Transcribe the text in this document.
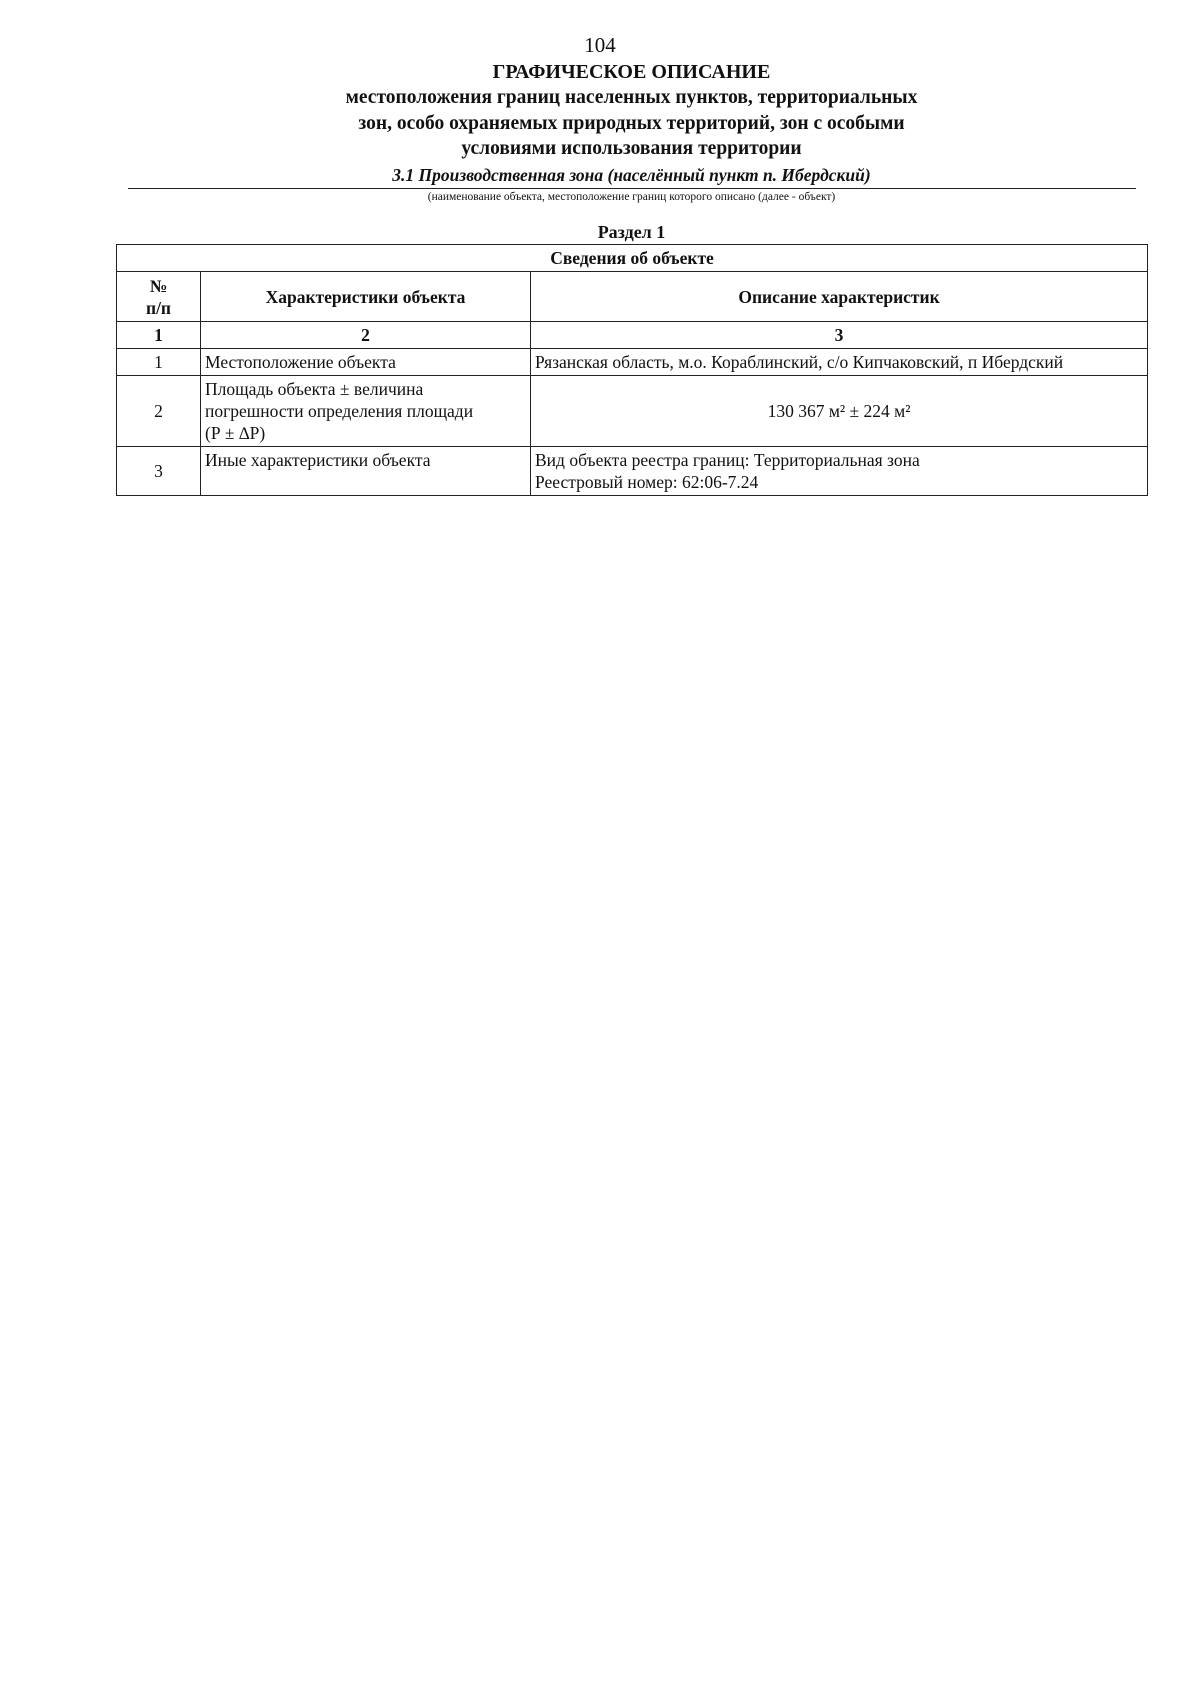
104
ГРАФИЧЕСКОЕ ОПИСАНИЕ
местоположения границ населенных пунктов, территориальных
зон, особо охраняемых природных территорий, зон с особыми
условиями использования территории
3.1 Производственная зона (населённый пункт п. Ибердский)
(наименование объекта, местоположение границ которого описано (далее - объект)
Раздел 1
Сведения об объекте		

№
п/п	Характеристики объекта	Описание характеристик
1	2	3
1	Местоположение объекта	Рязанская область, м.о. Кораблинский, с/о Кипчаковский, п Ибердский

2	Площадь объекта ± величина
погрешности определения площади
(Р ± ∆Р)	130 367 м² ± 224 м²

3	Иные характеристики объекта	Вид объекта реестра границ: Территориальная зона
Реестровый номер: 62:06-7.24
